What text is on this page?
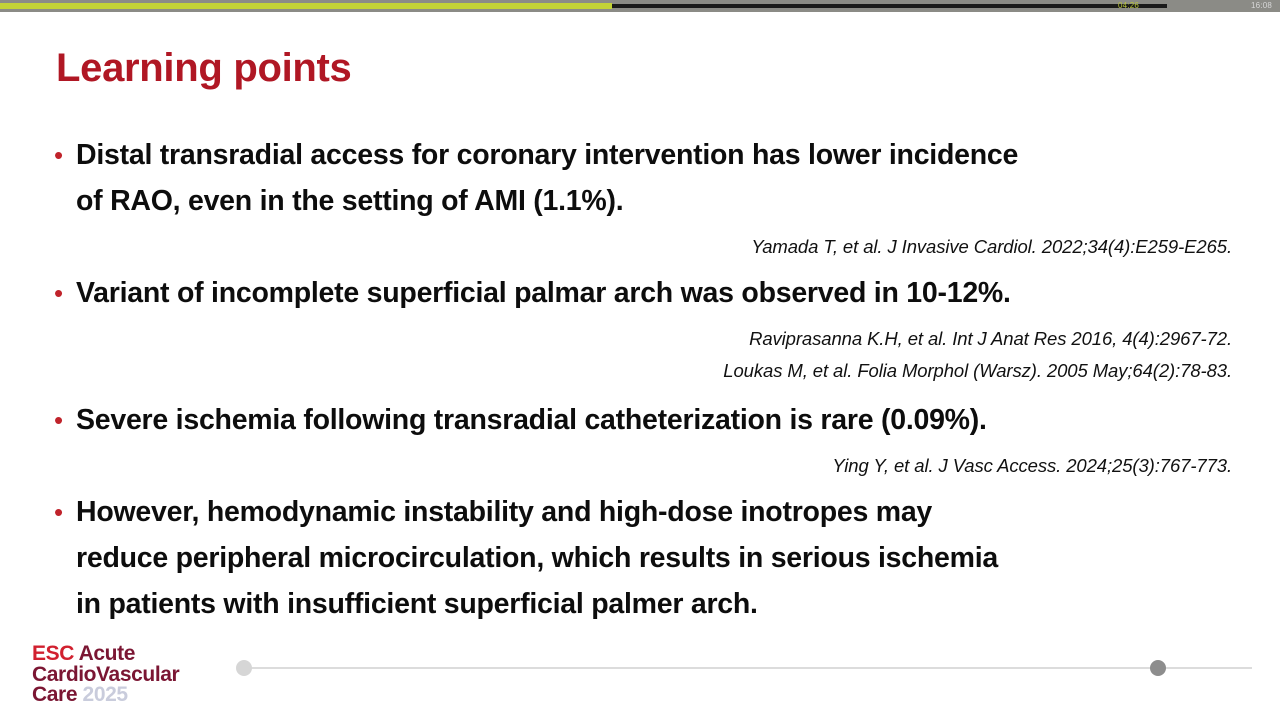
04:26	16:08
Learning points
• Distal transradial access for coronary intervention has lower incidence
of RAO, even in the setting of AMI (1.1%).
Yamada T, et al. J Invasive Cardiol. 2022;34(4):E259-E265.
• Variant of incomplete superficial palmar arch was observed in 10-12%.
Raviprasanna K.H, et al. Int J Anat Res 2016, 4(4):2967-72.
Loukas M, et al. Folia Morphol (Warsz). 2005 May;64(2):78-83.
• Severe ischemia following transradial catheterization is rare (0.09%).
Ying Y, et al. J Vasc Access. 2024;25(3):767-773.
• However, hemodynamic instability and high-dose inotropes may
reduce peripheral microcirculation, which results in serious ischemia
in patients with insufficient superficial palmer arch.
ESC Acute
CardioVascular
Care 2025
